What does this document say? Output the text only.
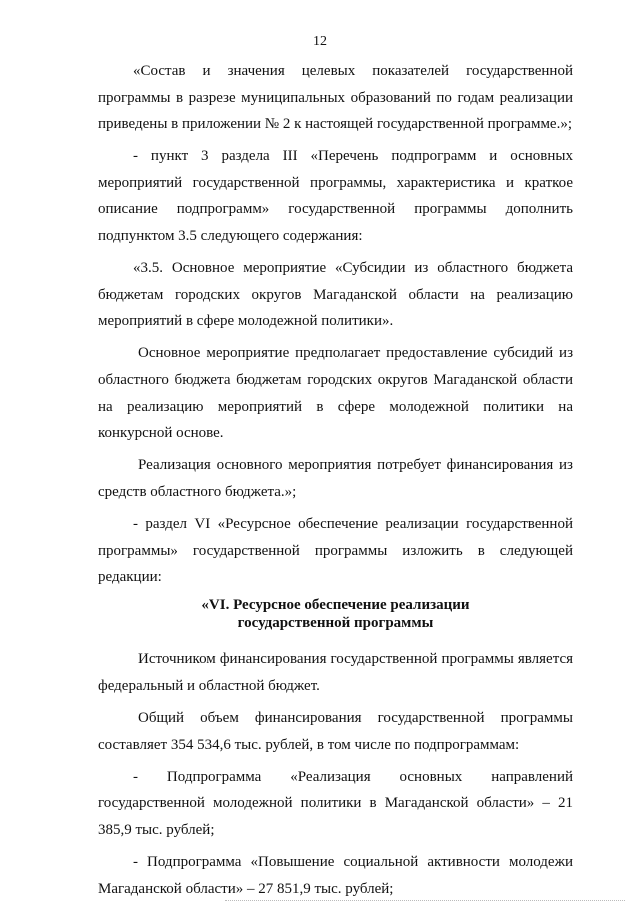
12

«Состав и значения целевых показателей государственной программы в разрезе муниципальных образований по годам реализации приведены в приложении № 2 к настоящей государственной программе.»;

- пункт 3 раздела III «Перечень подпрограмм и основных мероприятий государственной программы, характеристика и краткое описание подпрограмм» государственной программы дополнить подпунктом 3.5 следующего содержания:

«3.5. Основное мероприятие «Субсидии из областного бюджета бюджетам городских округов Магаданской области на реализацию мероприятий в сфере молодежной политики».

Основное мероприятие предполагает предоставление субсидий из областного бюджета бюджетам городских округов Магаданской области на реализацию мероприятий в сфере молодежной политики на конкурсной основе.

Реализация основного мероприятия потребует финансирования из средств областного бюджета.»;

- раздел VI «Ресурсное обеспечение реализации государственной программы» государственной программы изложить в следующей редакции:

«VI. Ресурсное обеспечение реализации
государственной программы

Источником финансирования государственной программы является федеральный и областной бюджет.

Общий объем финансирования государственной программы составляет 354 534,6 тыс. рублей, в том числе по подпрограммам:

- Подпрограмма «Реализация основных направлений государственной молодежной политики в Магаданской области» – 21 385,9 тыс. рублей;

- Подпрограмма «Повышение социальной активности молодежи Магаданской области» – 27 851,9 тыс. рублей;
